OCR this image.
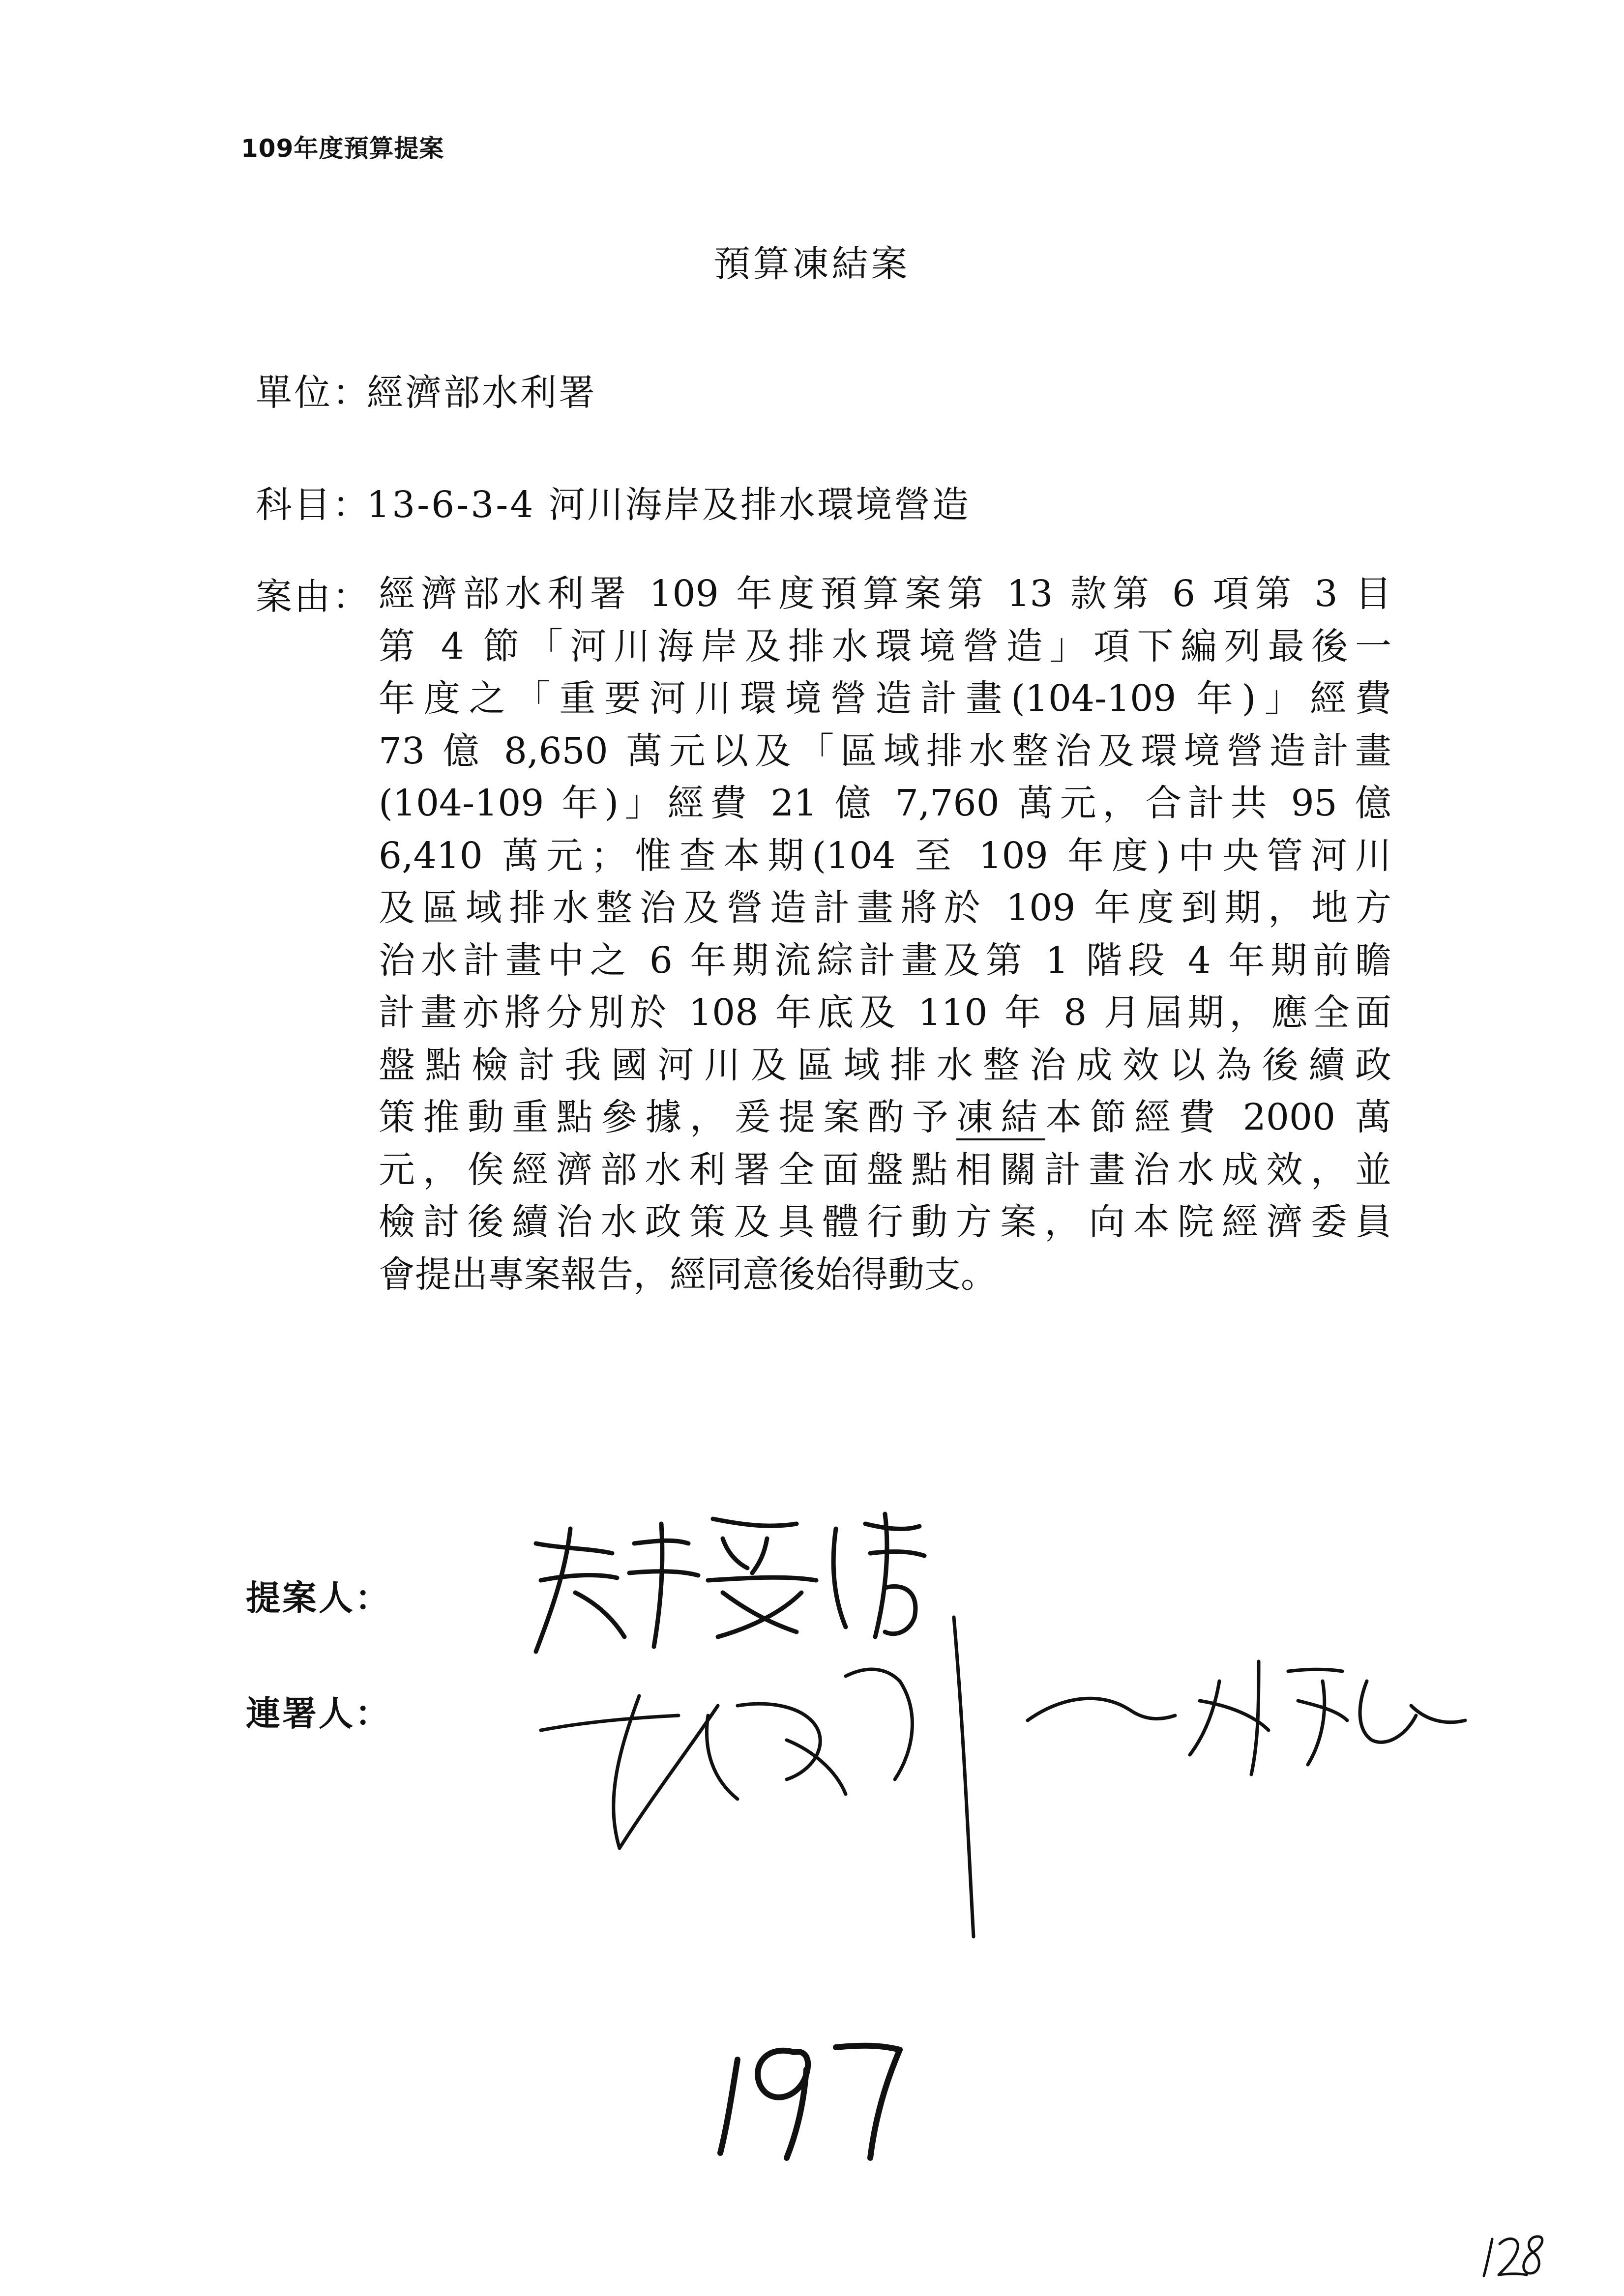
109年度預算提案
預算凍結案
單位：經濟部水利署
科目：13-6-3-4 河川海岸及排水環境營造
案由： 經濟部水利署 109 年度預算案第 13 款第 6 項第 3 目
第 4 節「河川海岸及排水環境營造」項下編列最後一
年度之「重要河川環境營造計畫(104-109 年)」經費
73 億 8,650 萬元以及「區域排水整治及環境營造計畫
(104-109 年)」經費 21 億 7,760 萬元，合計共 95 億
6,410 萬元；惟查本期(104 至 109 年度)中央管河川
及區域排水整治及營造計畫將於 109 年度到期，地方
治水計畫中之 6 年期流綜計畫及第 1 階段 4 年期前瞻
計畫亦將分別於 108 年底及 110 年 8 月屆期，應全面
盤點檢討我國河川及區域排水整治成效以為後續政
策推動重點參據，爰提案酌予凍結本節經費 2000 萬
元，俟經濟部水利署全面盤點相關計畫治水成效，並
檢討後續治水政策及具體行動方案，向本院經濟委員
會提出專案報告，經同意後始得動支。
提案人：
連署人：
